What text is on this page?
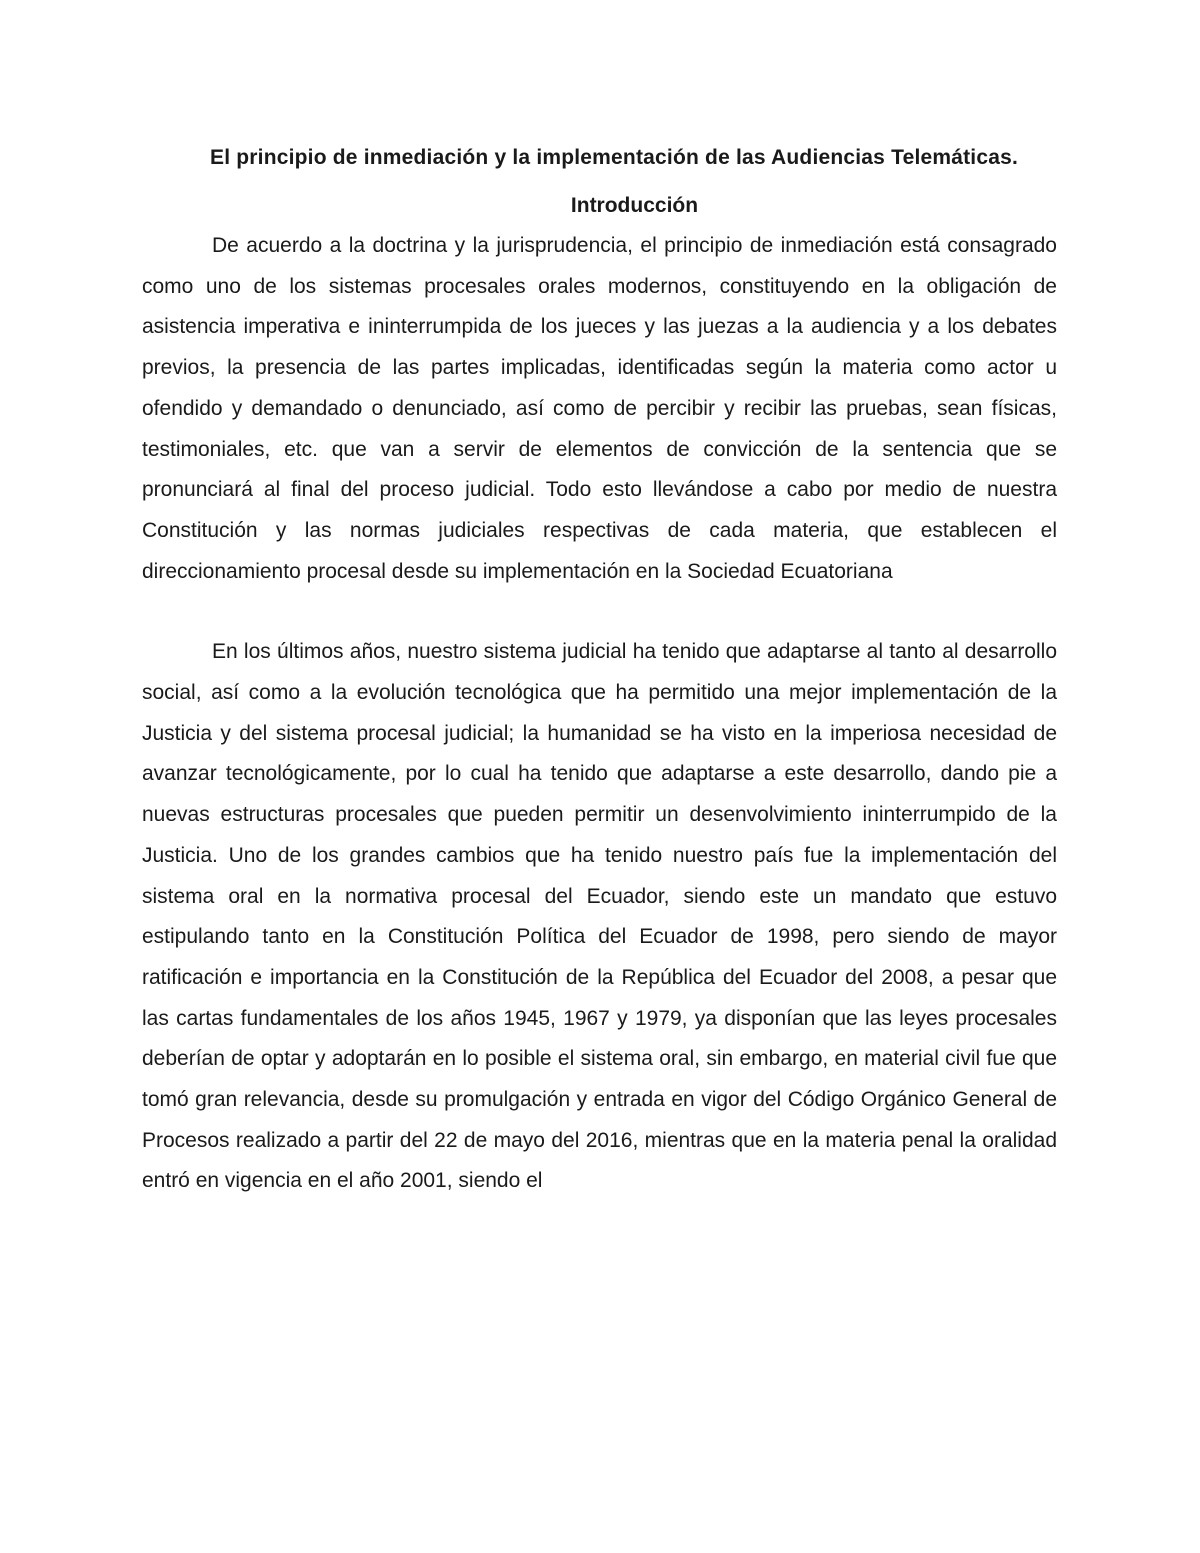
El principio de inmediación y la implementación de las Audiencias Telemáticas.

Introducción

De acuerdo a la doctrina y la jurisprudencia, el principio de inmediación está consagrado como uno de los sistemas procesales orales modernos, constituyendo en la obligación de asistencia imperativa e ininterrumpida de los jueces y las juezas a la audiencia y a los debates previos, la presencia de las partes implicadas, identificadas según la materia como actor u ofendido y demandado o denunciado, así como de percibir y recibir las pruebas, sean físicas, testimoniales, etc. que van a servir de elementos de convicción de la sentencia que se pronunciará al final del proceso judicial. Todo esto llevándose a cabo por medio de nuestra Constitución y las normas judiciales respectivas de cada materia, que establecen el direccionamiento procesal desde su implementación en la Sociedad Ecuatoriana

En los últimos años, nuestro sistema judicial ha tenido que adaptarse al tanto al desarrollo social, así como a la evolución tecnológica que ha permitido una mejor implementación de la Justicia y del sistema procesal judicial; la humanidad se ha visto en la imperiosa necesidad de avanzar tecnológicamente, por lo cual ha tenido que adaptarse a este desarrollo, dando pie a nuevas estructuras procesales que pueden permitir un desenvolvimiento ininterrumpido de la Justicia. Uno de los grandes cambios que ha tenido nuestro país fue la implementación del sistema oral en la normativa procesal del Ecuador, siendo este un mandato que estuvo estipulando tanto en la Constitución Política del Ecuador de 1998, pero siendo de mayor ratificación e importancia en la Constitución de la República del Ecuador del 2008, a pesar que las cartas fundamentales de los años 1945, 1967 y 1979, ya disponían que las leyes procesales deberían de optar y adoptarán en lo posible el sistema oral, sin embargo, en material civil fue que tomó gran relevancia, desde su promulgación y entrada en vigor del Código Orgánico General de Procesos realizado a partir del 22 de mayo del 2016, mientras que en la materia penal la oralidad entró en vigencia en el año 2001, siendo el
